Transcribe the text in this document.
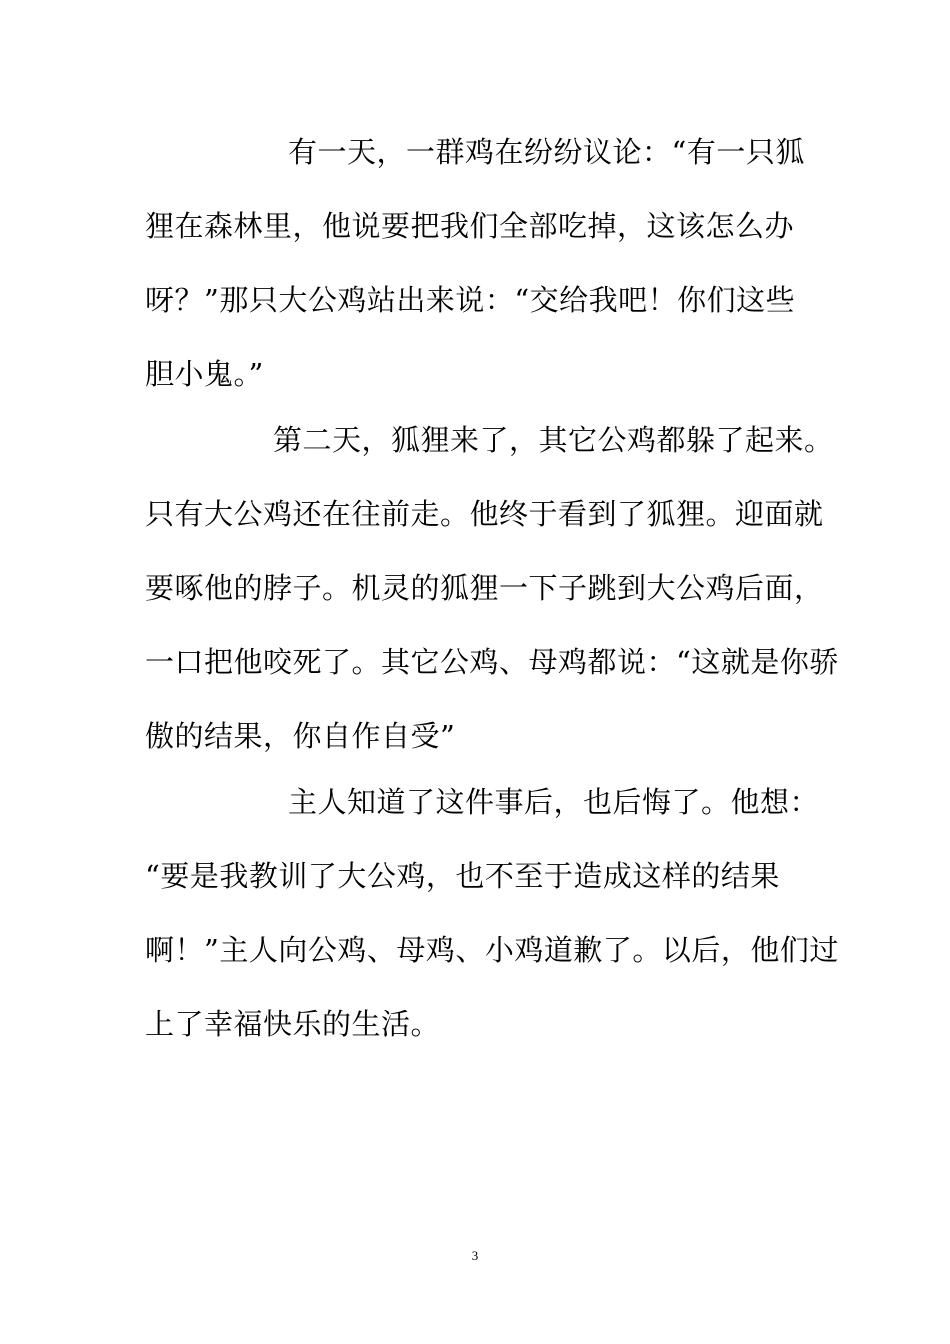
有一天，一群鸡在纷纷议论：“有一只狐
狸在森林里，他说要把我们全部吃掉，这该怎么办
呀？”那只大公鸡站出来说：“交给我吧！你们这些
胆小鬼。”
第二天，狐狸来了，其它公鸡都躲了起来。
只有大公鸡还在往前走。他终于看到了狐狸。迎面就
要啄他的脖子。机灵的狐狸一下子跳到大公鸡后面，
一口把他咬死了。其它公鸡、母鸡都说：“这就是你骄
傲的结果，你自作自受”
主人知道了这件事后，也后悔了。他想：
“要是我教训了大公鸡，也不至于造成这样的结果
啊！”主人向公鸡、母鸡、小鸡道歉了。以后，他们过
上了幸福快乐的生活。
3
